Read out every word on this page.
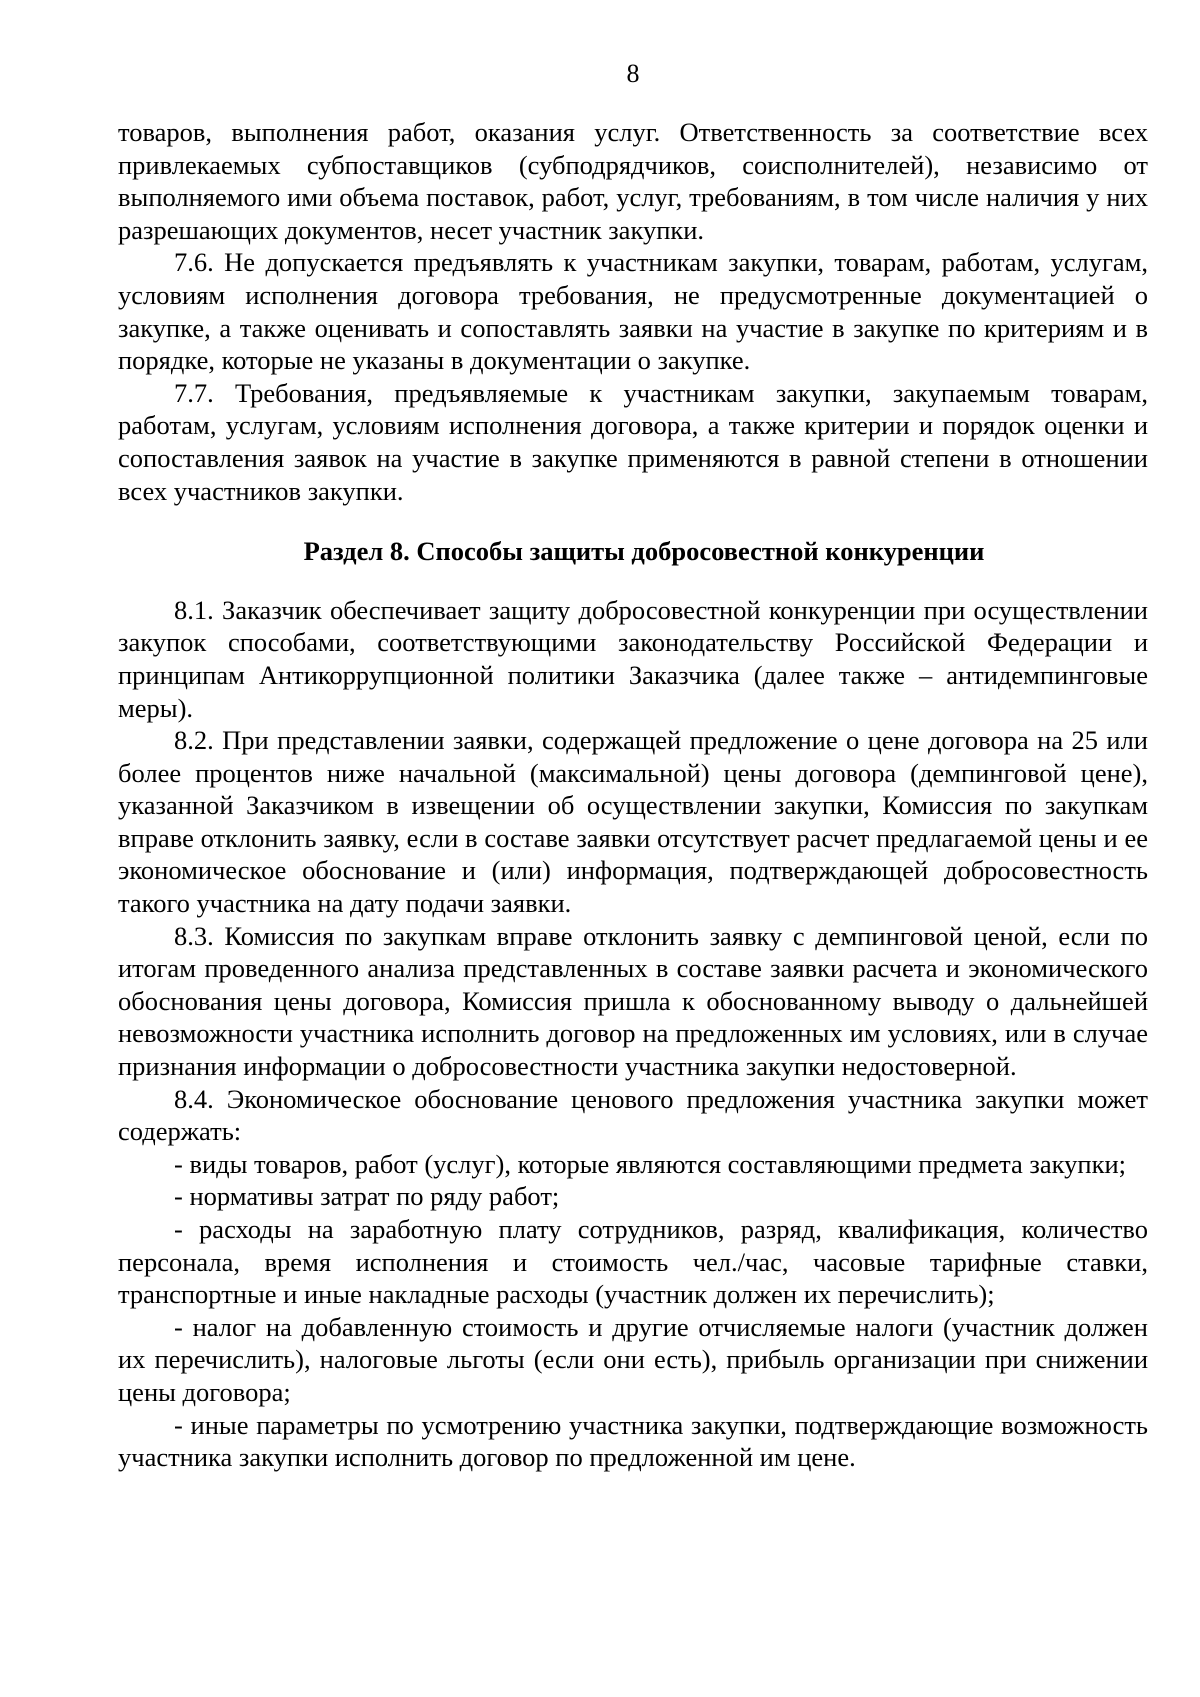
8

товаров, выполнения работ, оказания услуг. Ответственность за соответствие всех привлекаемых субпоставщиков (субподрядчиков, соисполнителей), независимо от выполняемого ими объема поставок, работ, услуг, требованиям, в том числе наличия у них разрешающих документов, несет участник закупки.

7.6. Не допускается предъявлять к участникам закупки, товарам, работам, услугам, условиям исполнения договора требования, не предусмотренные документацией о закупке, а также оценивать и сопоставлять заявки на участие в закупке по критериям и в порядке, которые не указаны в документации о закупке.

7.7. Требования, предъявляемые к участникам закупки, закупаемым товарам, работам, услугам, условиям исполнения договора, а также критерии и порядок оценки и сопоставления заявок на участие в закупке применяются в равной степени в отношении всех участников закупки.

Раздел 8. Способы защиты добросовестной конкуренции

8.1. Заказчик обеспечивает защиту добросовестной конкуренции при осуществлении закупок способами, соответствующими законодательству Российской Федерации и принципам Антикоррупционной политики Заказчика (далее также – антидемпинговые меры).

8.2. При представлении заявки, содержащей предложение о цене договора на 25 или более процентов ниже начальной (максимальной) цены договора (демпинговой цене), указанной Заказчиком в извещении об осуществлении закупки, Комиссия по закупкам вправе отклонить заявку, если в составе заявки отсутствует расчет предлагаемой цены и ее экономическое обоснование и (или) информация, подтверждающей добросовестность такого участника на дату подачи заявки.

8.3. Комиссия по закупкам вправе отклонить заявку с демпинговой ценой, если по итогам проведенного анализа представленных в составе заявки расчета и экономического обоснования цены договора, Комиссия пришла к обоснованному выводу о дальнейшей невозможности участника исполнить договор на предложенных им условиях, или в случае признания информации о добросовестности участника закупки недостоверной.

8.4. Экономическое обоснование ценового предложения участника закупки может содержать:

- виды товаров, работ (услуг), которые являются составляющими предмета закупки;

- нормативы затрат по ряду работ;

- расходы на заработную плату сотрудников, разряд, квалификация, количество персонала, время исполнения и стоимость чел./час, часовые тарифные ставки, транспортные и иные накладные расходы (участник должен их перечислить);

- налог на добавленную стоимость и другие отчисляемые налоги (участник должен их перечислить), налоговые льготы (если они есть), прибыль организации при снижении цены договора;

- иные параметры по усмотрению участника закупки, подтверждающие возможность участника закупки исполнить договор по предложенной им цене.
